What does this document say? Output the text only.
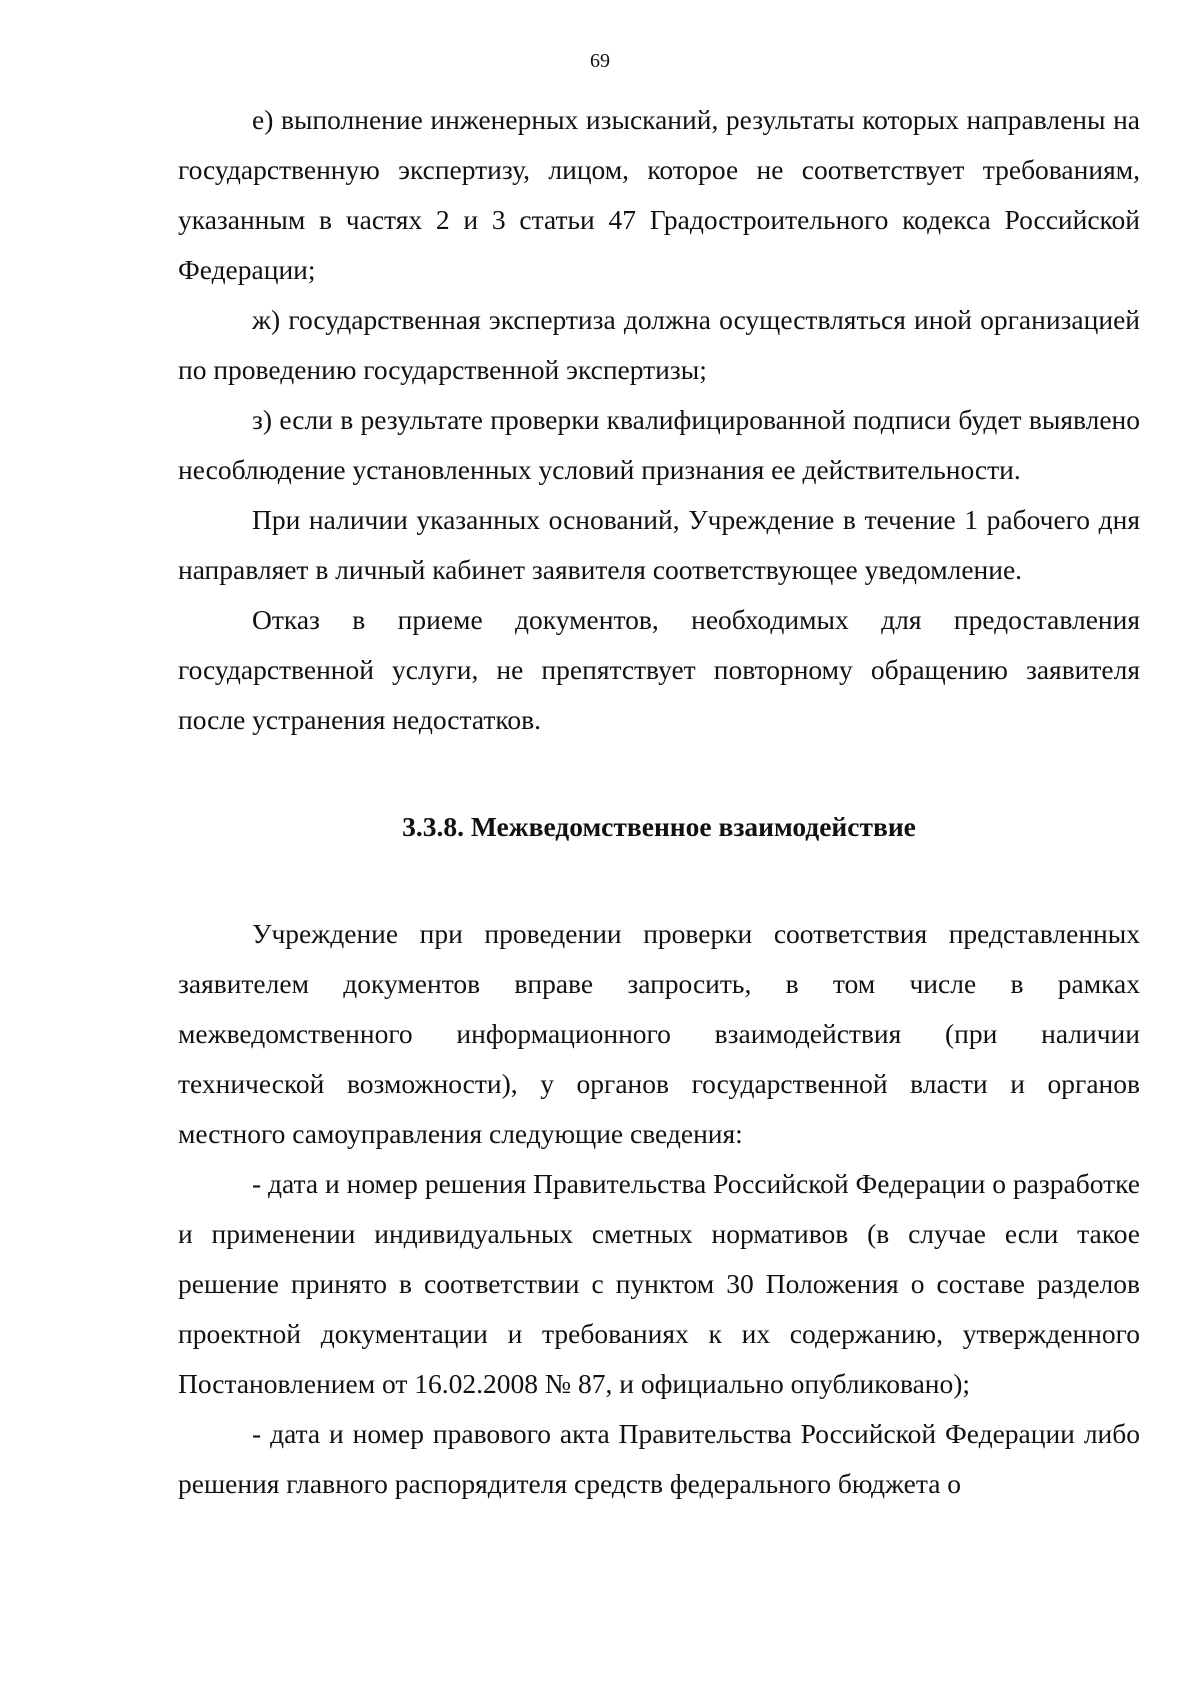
69

е) выполнение инженерных изысканий, результаты которых направлены на государственную экспертизу, лицом, которое не соответствует требованиям, указанным в частях 2 и 3 статьи 47 Градостроительного кодекса Российской Федерации;

ж) государственная экспертиза должна осуществляться иной организацией по проведению государственной экспертизы;

з) если в результате проверки квалифицированной подписи будет выявлено несоблюдение установленных условий признания ее действительности.

При наличии указанных оснований, Учреждение в течение 1 рабочего дня направляет в личный кабинет заявителя соответствующее уведомление.

Отказ в приеме документов, необходимых для предоставления государственной услуги, не препятствует повторному обращению заявителя после устранения недостатков.

3.3.8. Межведомственное взаимодействие

Учреждение при проведении проверки соответствия представленных заявителем документов вправе запросить, в том числе в рамках межведомственного информационного взаимодействия (при наличии технической возможности), у органов государственной власти и органов местного самоуправления следующие сведения:

- дата и номер решения Правительства Российской Федерации о разработке и применении индивидуальных сметных нормативов (в случае если такое решение принято в соответствии с пунктом 30 Положения о составе разделов проектной документации и требованиях к их содержанию, утвержденного Постановлением от 16.02.2008 № 87, и официально опубликовано);

- дата и номер правового акта Правительства Российской Федерации либо решения главного распорядителя средств федерального бюджета о
